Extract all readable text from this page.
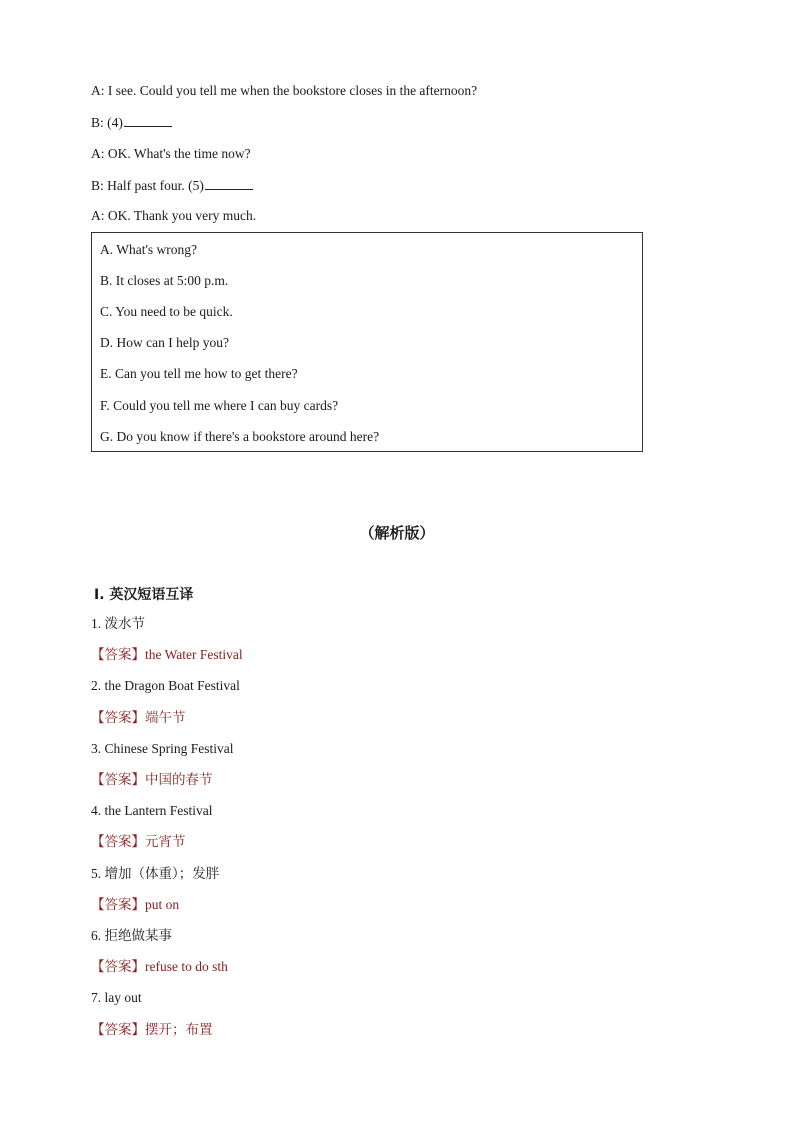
A: I see. Could you tell me when the bookstore closes in the afternoon?
B: (4)
A: OK. What's the time now?
B: Half past four. (5)
A: OK. Thank you very much.
A. What's wrong?
B. It closes at 5:00 p.m.
C. You need to be quick.
D. How can I help you?
E. Can you tell me how to get there?
F. Could you tell me where I can buy cards?
G. Do you know if there's a bookstore around here?
（解析版）
Ⅰ. 英汉短语互译
1. 泼水节
【答案】the Water Festival
2. the Dragon Boat Festival
【答案】端午节
3. Chinese Spring Festival
【答案】中国的春节
4. the Lantern Festival
【答案】元宵节
5. 增加（体重）；发胖
【答案】put on
6. 拒绝做某事
【答案】refuse to do sth
7. lay out
【答案】摆开；布置
